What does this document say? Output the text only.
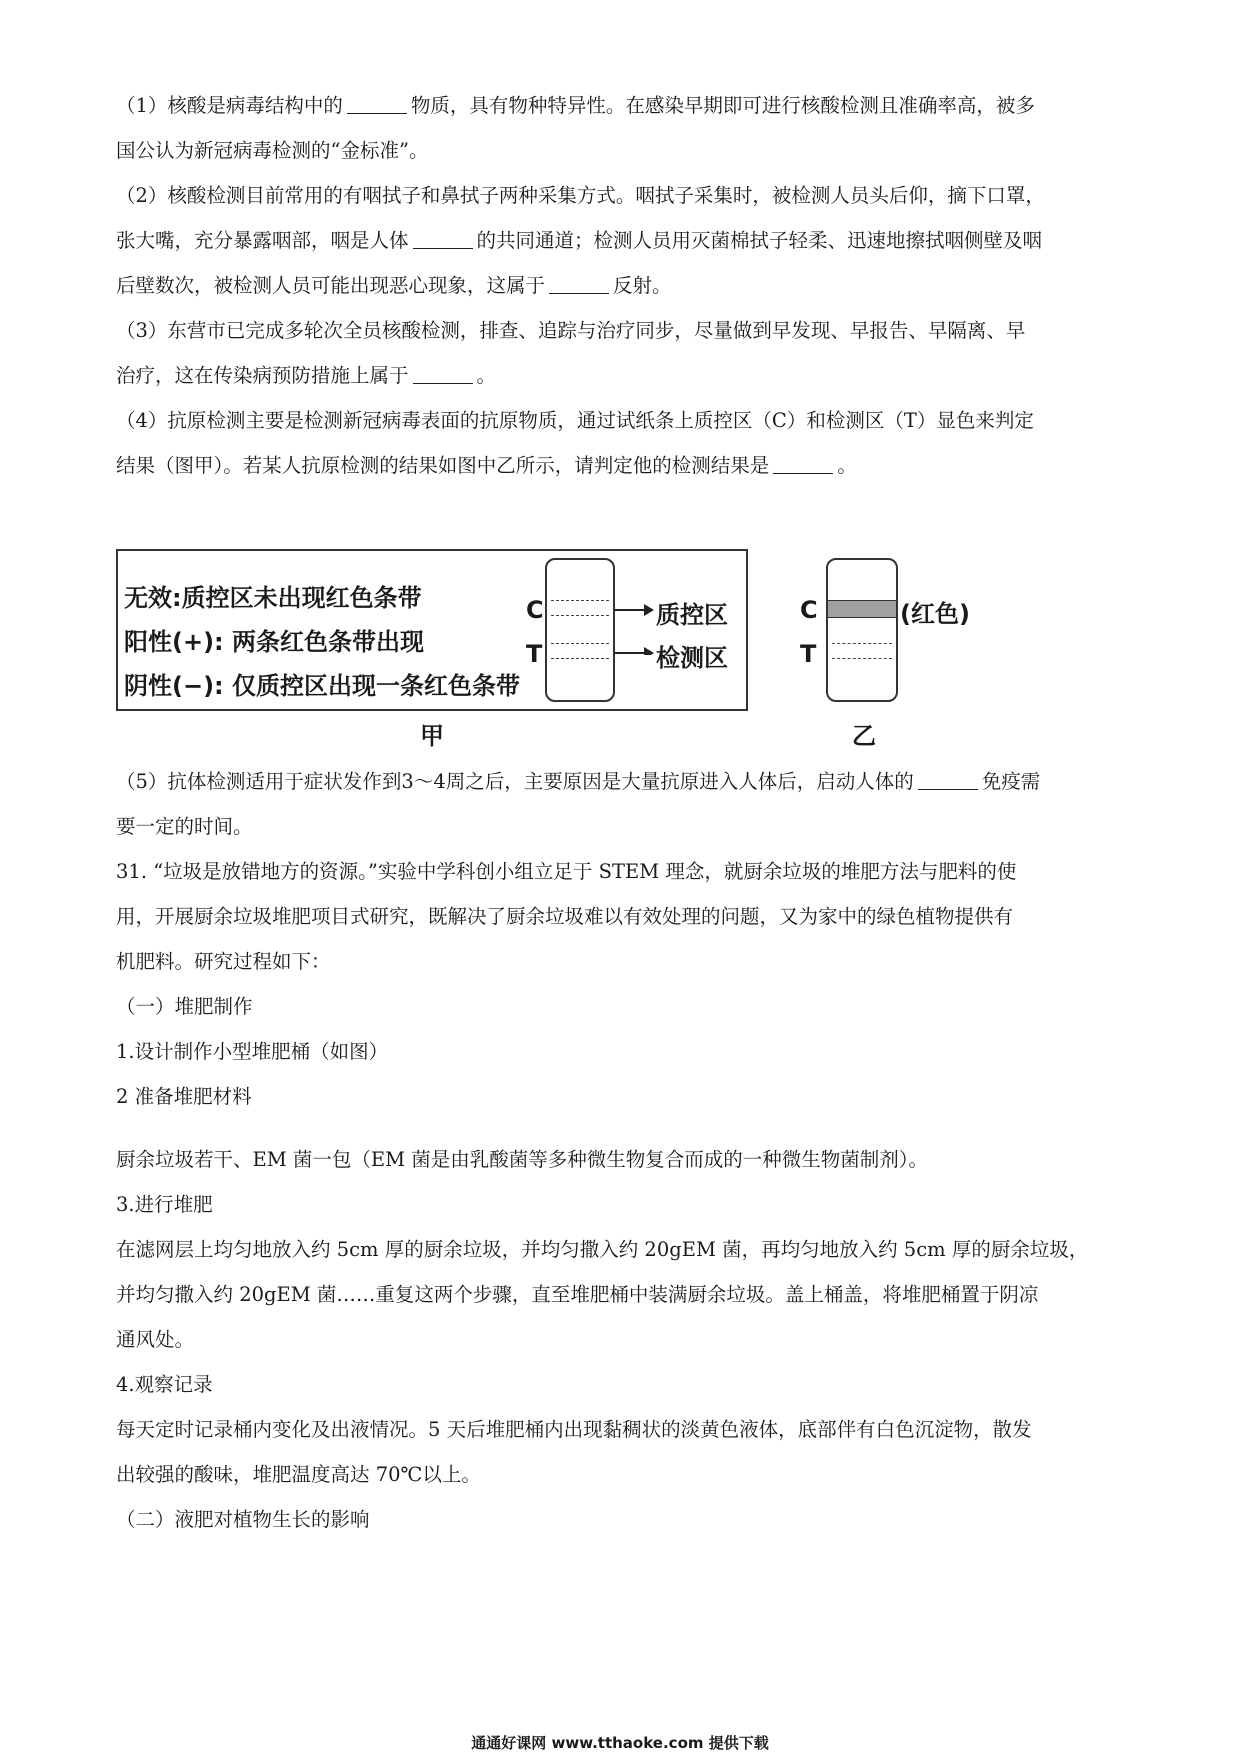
（1）核酸是病毒结构中的	物质，具有物种特异性。在感染早期即可进行核酸检测且准确率高，被多
国公认为新冠病毒检测的“金标准”。
（2）核酸检测目前常用的有咽拭子和鼻拭子两种采集方式。咽拭子采集时，被检测人员头后仰，摘下口罩，
张大嘴，充分暴露咽部，咽是人体	的共同通道；检测人员用灭菌棉拭子轻柔、迅速地擦拭咽侧壁及咽
后壁数次，被检测人员可能出现恶心现象，这属于	反射。
（3）东营市已完成多轮次全员核酸检测，排查、追踪与治疗同步，尽量做到早发现、早报告、早隔离、早
治疗，这在传染病预防措施上属于	。
（4）抗原检测主要是检测新冠病毒表面的抗原物质，通过试纸条上质控区（C）和检测区（T）显色来判定
结果（图甲）。若某人抗原检测的结果如图中乙所示，请判定他的检测结果是	。
无效:质控区未出现红色条带
阳性(+): 两条红色条带出现
阴性(−): 仅质控区出现一条红色条带
C
T
质控区
检测区
甲
C
T
(红色)
乙
（5）抗体检测适用于症状发作到3～4周之后，主要原因是大量抗原进入人体后，启动人体的	免疫需
要一定的时间。
31. “垃圾是放错地方的资源。”实验中学科创小组立足于 STEM 理念，就厨余垃圾的堆肥方法与肥料的使
用，开展厨余垃圾堆肥项目式研究，既解决了厨余垃圾难以有效处理的问题，又为家中的绿色植物提供有
机肥料。研究过程如下：
（一）堆肥制作
1.设计制作小型堆肥桶（如图）
2 准备堆肥材料
厨余垃圾若干、EM 菌一包（EM 菌是由乳酸菌等多种微生物复合而成的一种微生物菌制剂）。
3.进行堆肥
在滤网层上均匀地放入约 5cm 厚的厨余垃圾，并均匀撒入约 20gEM 菌，再均匀地放入约 5cm 厚的厨余垃圾，
并均匀撒入约 20gEM 菌……重复这两个步骤，直至堆肥桶中装满厨余垃圾。盖上桶盖，将堆肥桶置于阴凉
通风处。
4.观察记录
每天定时记录桶内变化及出液情况。5 天后堆肥桶内出现黏稠状的淡黄色液体，底部伴有白色沉淀物，散发
出较强的酸味，堆肥温度高达 70℃以上。
（二）液肥对植物生长的影响
通通好课网 www.tthaoke.com 提供下载
